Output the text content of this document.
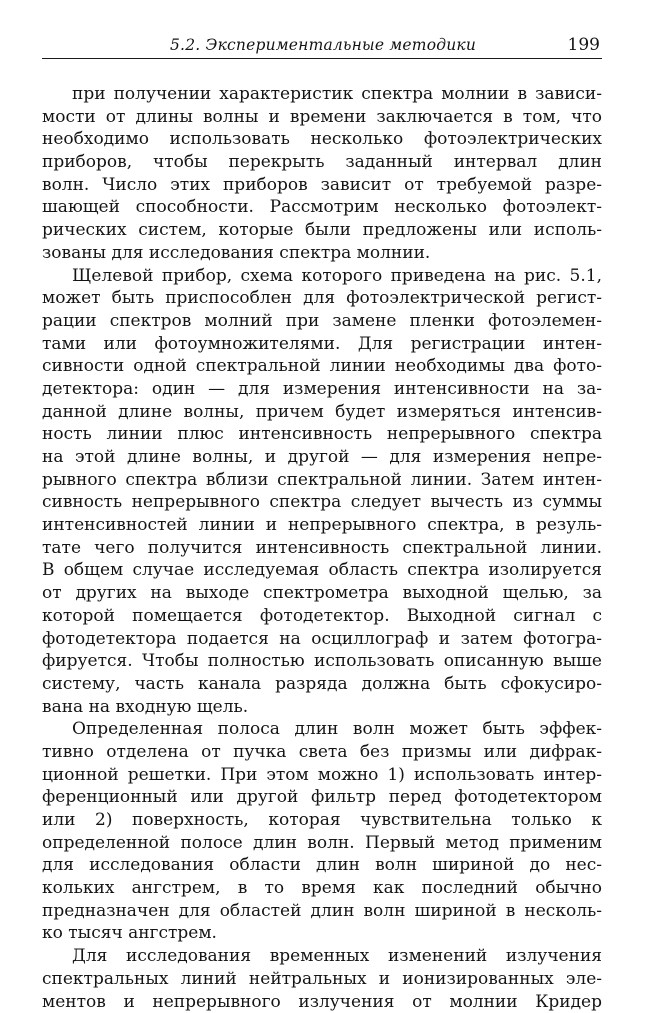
5.2. Экспериментальные методики	199
при получении характеристик спектра молнии в зависи-
мости от длины волны и времени заключается в том, что
необходимо использовать несколько фотоэлектрических
приборов, чтобы перекрыть заданный интервал длин
волн. Число этих приборов зависит от требуемой разре-
шающей способности. Рассмотрим несколько фотоэлект-
рических систем, которые были предложены или исполь-
зованы для исследования спектра молнии.
Щелевой прибор, схема которого приведена на рис. 5.1,
может быть приспособлен для фотоэлектрической регист-
рации спектров молний при замене пленки фотоэлемен-
тами или фотоумножителями. Для регистрации интен-
сивности одной спектральной линии необходимы два фото-
детектора: один — для измерения интенсивности на за-
данной длине волны, причем будет измеряться интенсив-
ность линии плюс интенсивность непрерывного спектра
на этой длине волны, и другой — для измерения непре-
рывного спектра вблизи спектральной линии. Затем интен-
сивность непрерывного спектра следует вычесть из суммы
интенсивностей линии и непрерывного спектра, в резуль-
тате чего получится интенсивность спектральной линии.
В общем случае исследуемая область спектра изолируется
от других на выходе спектрометра выходной щелью, за
которой помещается фотодетектор. Выходной сигнал с
фотодетектора подается на осциллограф и затем фотогра-
фируется. Чтобы полностью использовать описанную выше
систему, часть канала разряда должна быть сфокусиро-
вана на входную щель.
Определенная полоса длин волн может быть эффек-
тивно отделена от пучка света без призмы или дифрак-
ционной решетки. При этом можно 1) использовать интер-
ференционный или другой фильтр перед фотодетектором
или 2) поверхность, которая чувствительна только к
определенной полосе длин волн. Первый метод применим
для исследования области длин волн шириной до нес-
кольких ангстрем, в то время как последний обычно
предназначен для областей длин волн шириной в несколь-
ко тысяч ангстрем.
Для исследования временных изменений излучения
спектральных линий нейтральных и ионизированных эле-
ментов и непрерывного излучения от молнии Кридер
